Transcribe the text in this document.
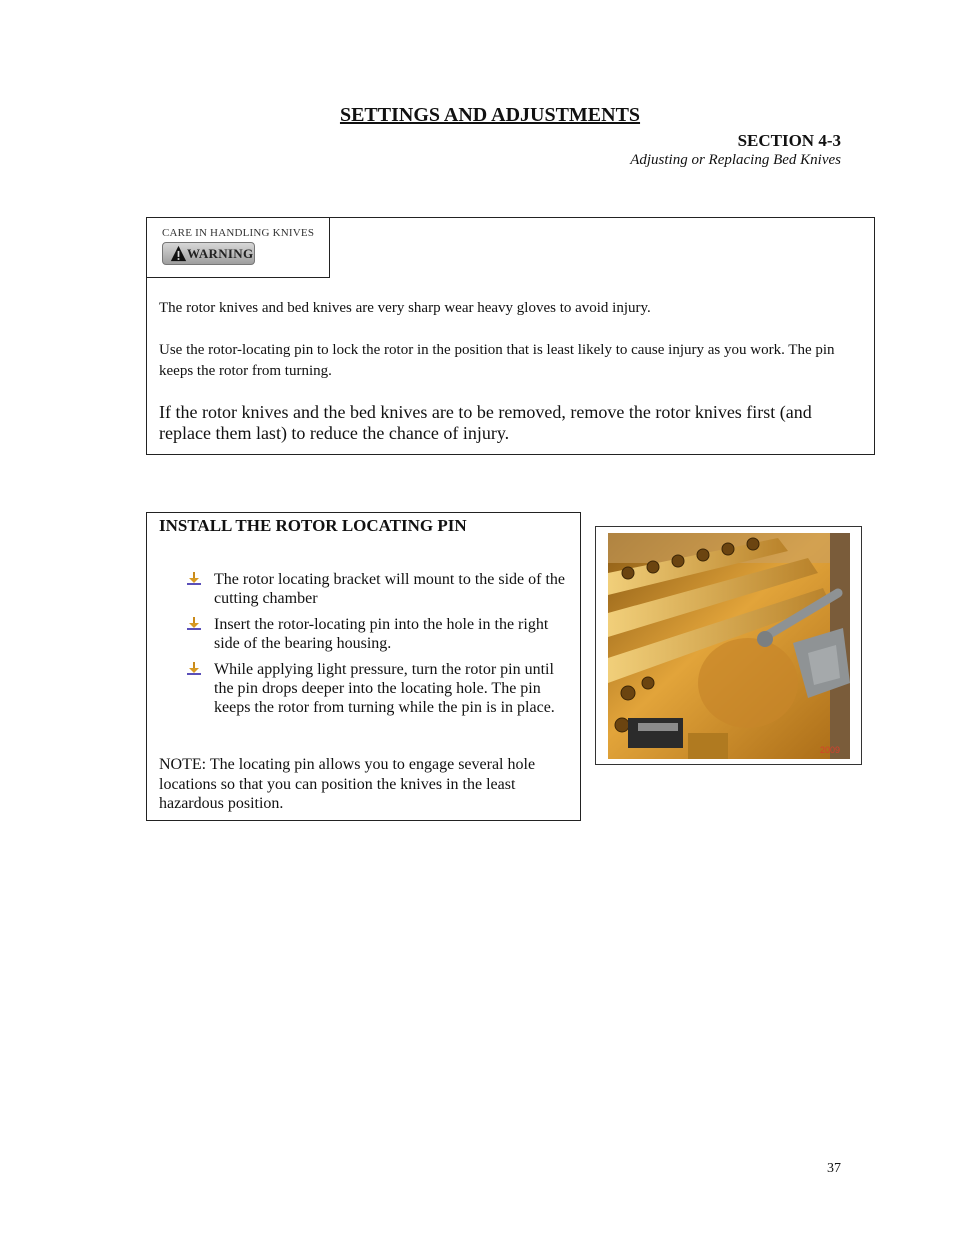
SETTINGS AND ADJUSTMENTS
SECTION 4-3
Adjusting or Replacing Bed Knives
CARE IN HANDLING KNIVES
WARNING
The rotor knives and bed knives are very sharp wear heavy gloves to avoid injury.
Use the rotor-locating pin to lock the rotor in the position that is least likely to cause injury as you work. The pin keeps the rotor from turning.
If the rotor knives and the bed knives are to be removed, remove the rotor knives first (and replace them last) to reduce the chance of injury.
INSTALL THE ROTOR LOCATING PIN
The rotor locating bracket will mount to the side of the cutting chamber
Insert the rotor-locating pin into the hole in the right side of the bearing housing.
While applying light pressure, turn the rotor pin until the pin drops deeper into the locating hole. The pin keeps the rotor from turning while the pin is in place.
NOTE: The locating pin allows you to engage several hole locations so that you can position the knives in the least hazardous position.
2009
37
